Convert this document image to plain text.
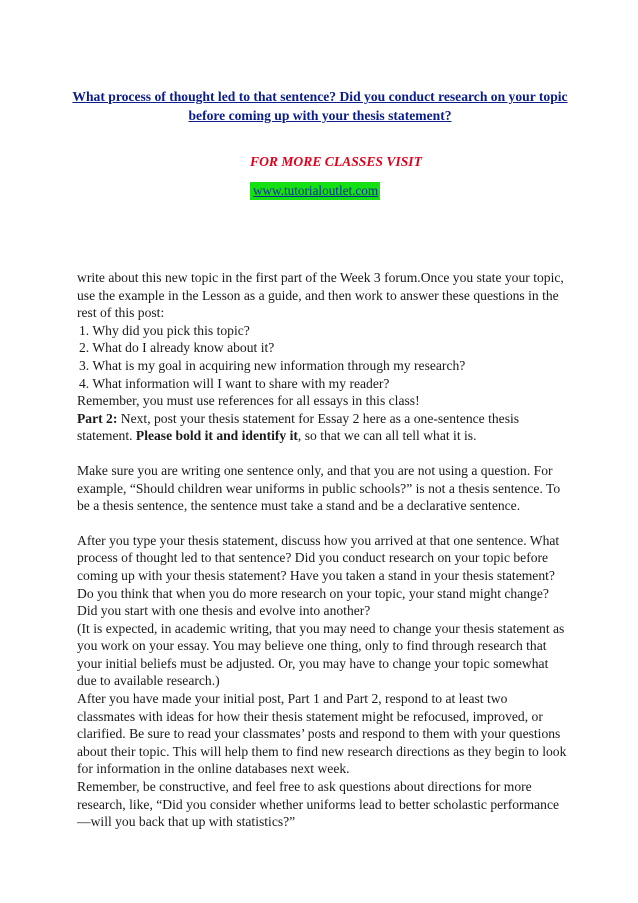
What process of thought led to that sentence? Did you conduct research on your topic before coming up with your thesis statement?
FOR MORE CLASSES VISIT
www.tutorialoutlet.com

write about this new topic in the first part of the Week 3 forum.Once you state your topic, use the example in the Lesson as a guide, and then work to answer these questions in the rest of this post:

1. Why did you pick this topic?
2. What do I already know about it?
3. What is my goal in acquiring new information through my research?
4. What information will I want to share with my reader?

Remember, you must use references for all essays in this class!

Part 2: Next, post your thesis statement for Essay 2 here as a one-sentence thesis statement. Please bold it and identify it, so that we can all tell what it is.

Make sure you are writing one sentence only, and that you are not using a question. For example, “Should children wear uniforms in public schools?” is not a thesis sentence. To be a thesis sentence, the sentence must take a stand and be a declarative sentence.

After you type your thesis statement, discuss how you arrived at that one sentence. What process of thought led to that sentence? Did you conduct research on your topic before coming up with your thesis statement? Have you taken a stand in your thesis statement? Do you think that when you do more research on your topic, your stand might change? Did you start with one thesis and evolve into another?

(It is expected, in academic writing, that you may need to change your thesis statement as you work on your essay. You may believe one thing, only to find through research that your initial beliefs must be adjusted. Or, you may have to change your topic somewhat due to available research.)

After you have made your initial post, Part 1 and Part 2, respond to at least two classmates with ideas for how their thesis statement might be refocused, improved, or clarified. Be sure to read your classmates’ posts and respond to them with your questions about their topic. This will help them to find new research directions as they begin to look for information in the online databases next week.

Remember, be constructive, and feel free to ask questions about directions for more research, like, “Did you consider whether uniforms lead to better scholastic performance—will you back that up with statistics?”
